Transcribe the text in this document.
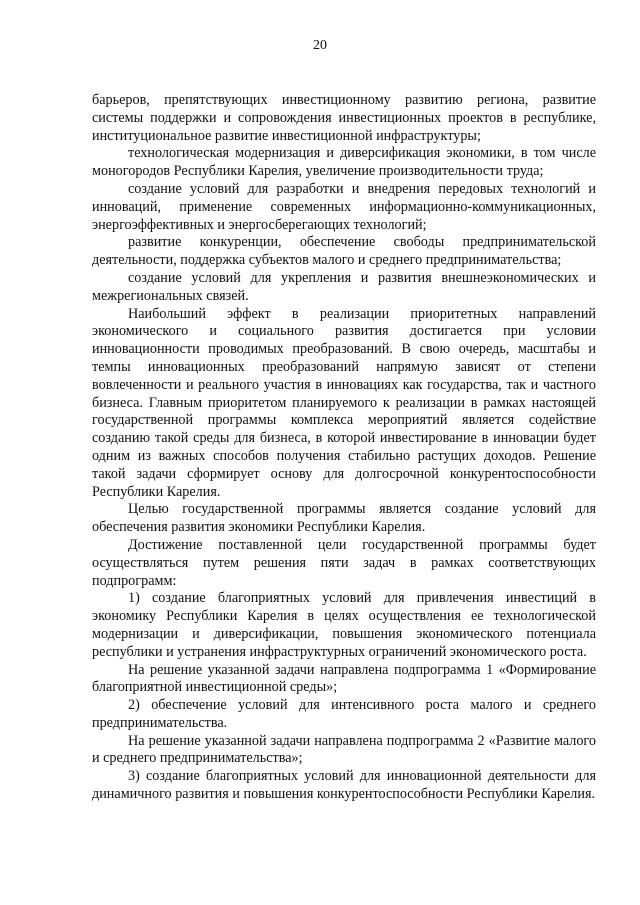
20

барьеров, препятствующих инвестиционному развитию региона, развитие системы поддержки и сопровождения инвестиционных проектов в республике, институциональное развитие инвестиционной инфраструктуры;

технологическая модернизация и диверсификация экономики, в том числе моногородов Республики Карелия, увеличение производительности труда;

создание условий для разработки и внедрения передовых технологий и инноваций, применение современных информационно-коммуникационных, энергоэффективных и энергосберегающих технологий;

развитие конкуренции, обеспечение свободы предпринимательской деятельности, поддержка субъектов малого и среднего предпринимательства;

создание условий для укрепления и развития внешнеэкономических и межрегиональных связей.

Наибольший эффект в реализации приоритетных направлений экономического и социального развития достигается при условии инновационности проводимых преобразований. В свою очередь, масштабы и темпы инновационных преобразований напрямую зависят от степени вовлеченности и реального участия в инновациях как государства, так и частного бизнеса. Главным приоритетом планируемого к реализации в рамках настоящей государственной программы комплекса мероприятий является содействие созданию такой среды для бизнеса, в которой инвестирование в инновации будет одним из важных способов получения стабильно растущих доходов. Решение такой задачи сформирует основу для долгосрочной конкурентоспособности Республики Карелия.

Целью государственной программы является создание условий для обеспечения развития экономики Республики Карелия.

Достижение поставленной цели государственной программы будет осуществляться путем решения пяти задач в рамках соответствующих подпрограмм:

1) создание благоприятных условий для привлечения инвестиций в экономику Республики Карелия в целях осуществления ее технологической модернизации и диверсификации, повышения экономического потенциала республики и устранения инфраструктурных ограничений экономического роста.

На решение указанной задачи направлена подпрограмма 1 «Формирование благоприятной инвестиционной среды»;

2) обеспечение условий для интенсивного роста малого и среднего предпринимательства.

На решение указанной задачи направлена подпрограмма 2 «Развитие малого и среднего предпринимательства»;

3) создание благоприятных условий для инновационной деятельности для динамичного развития и повышения конкурентоспособности Республики Карелия.
